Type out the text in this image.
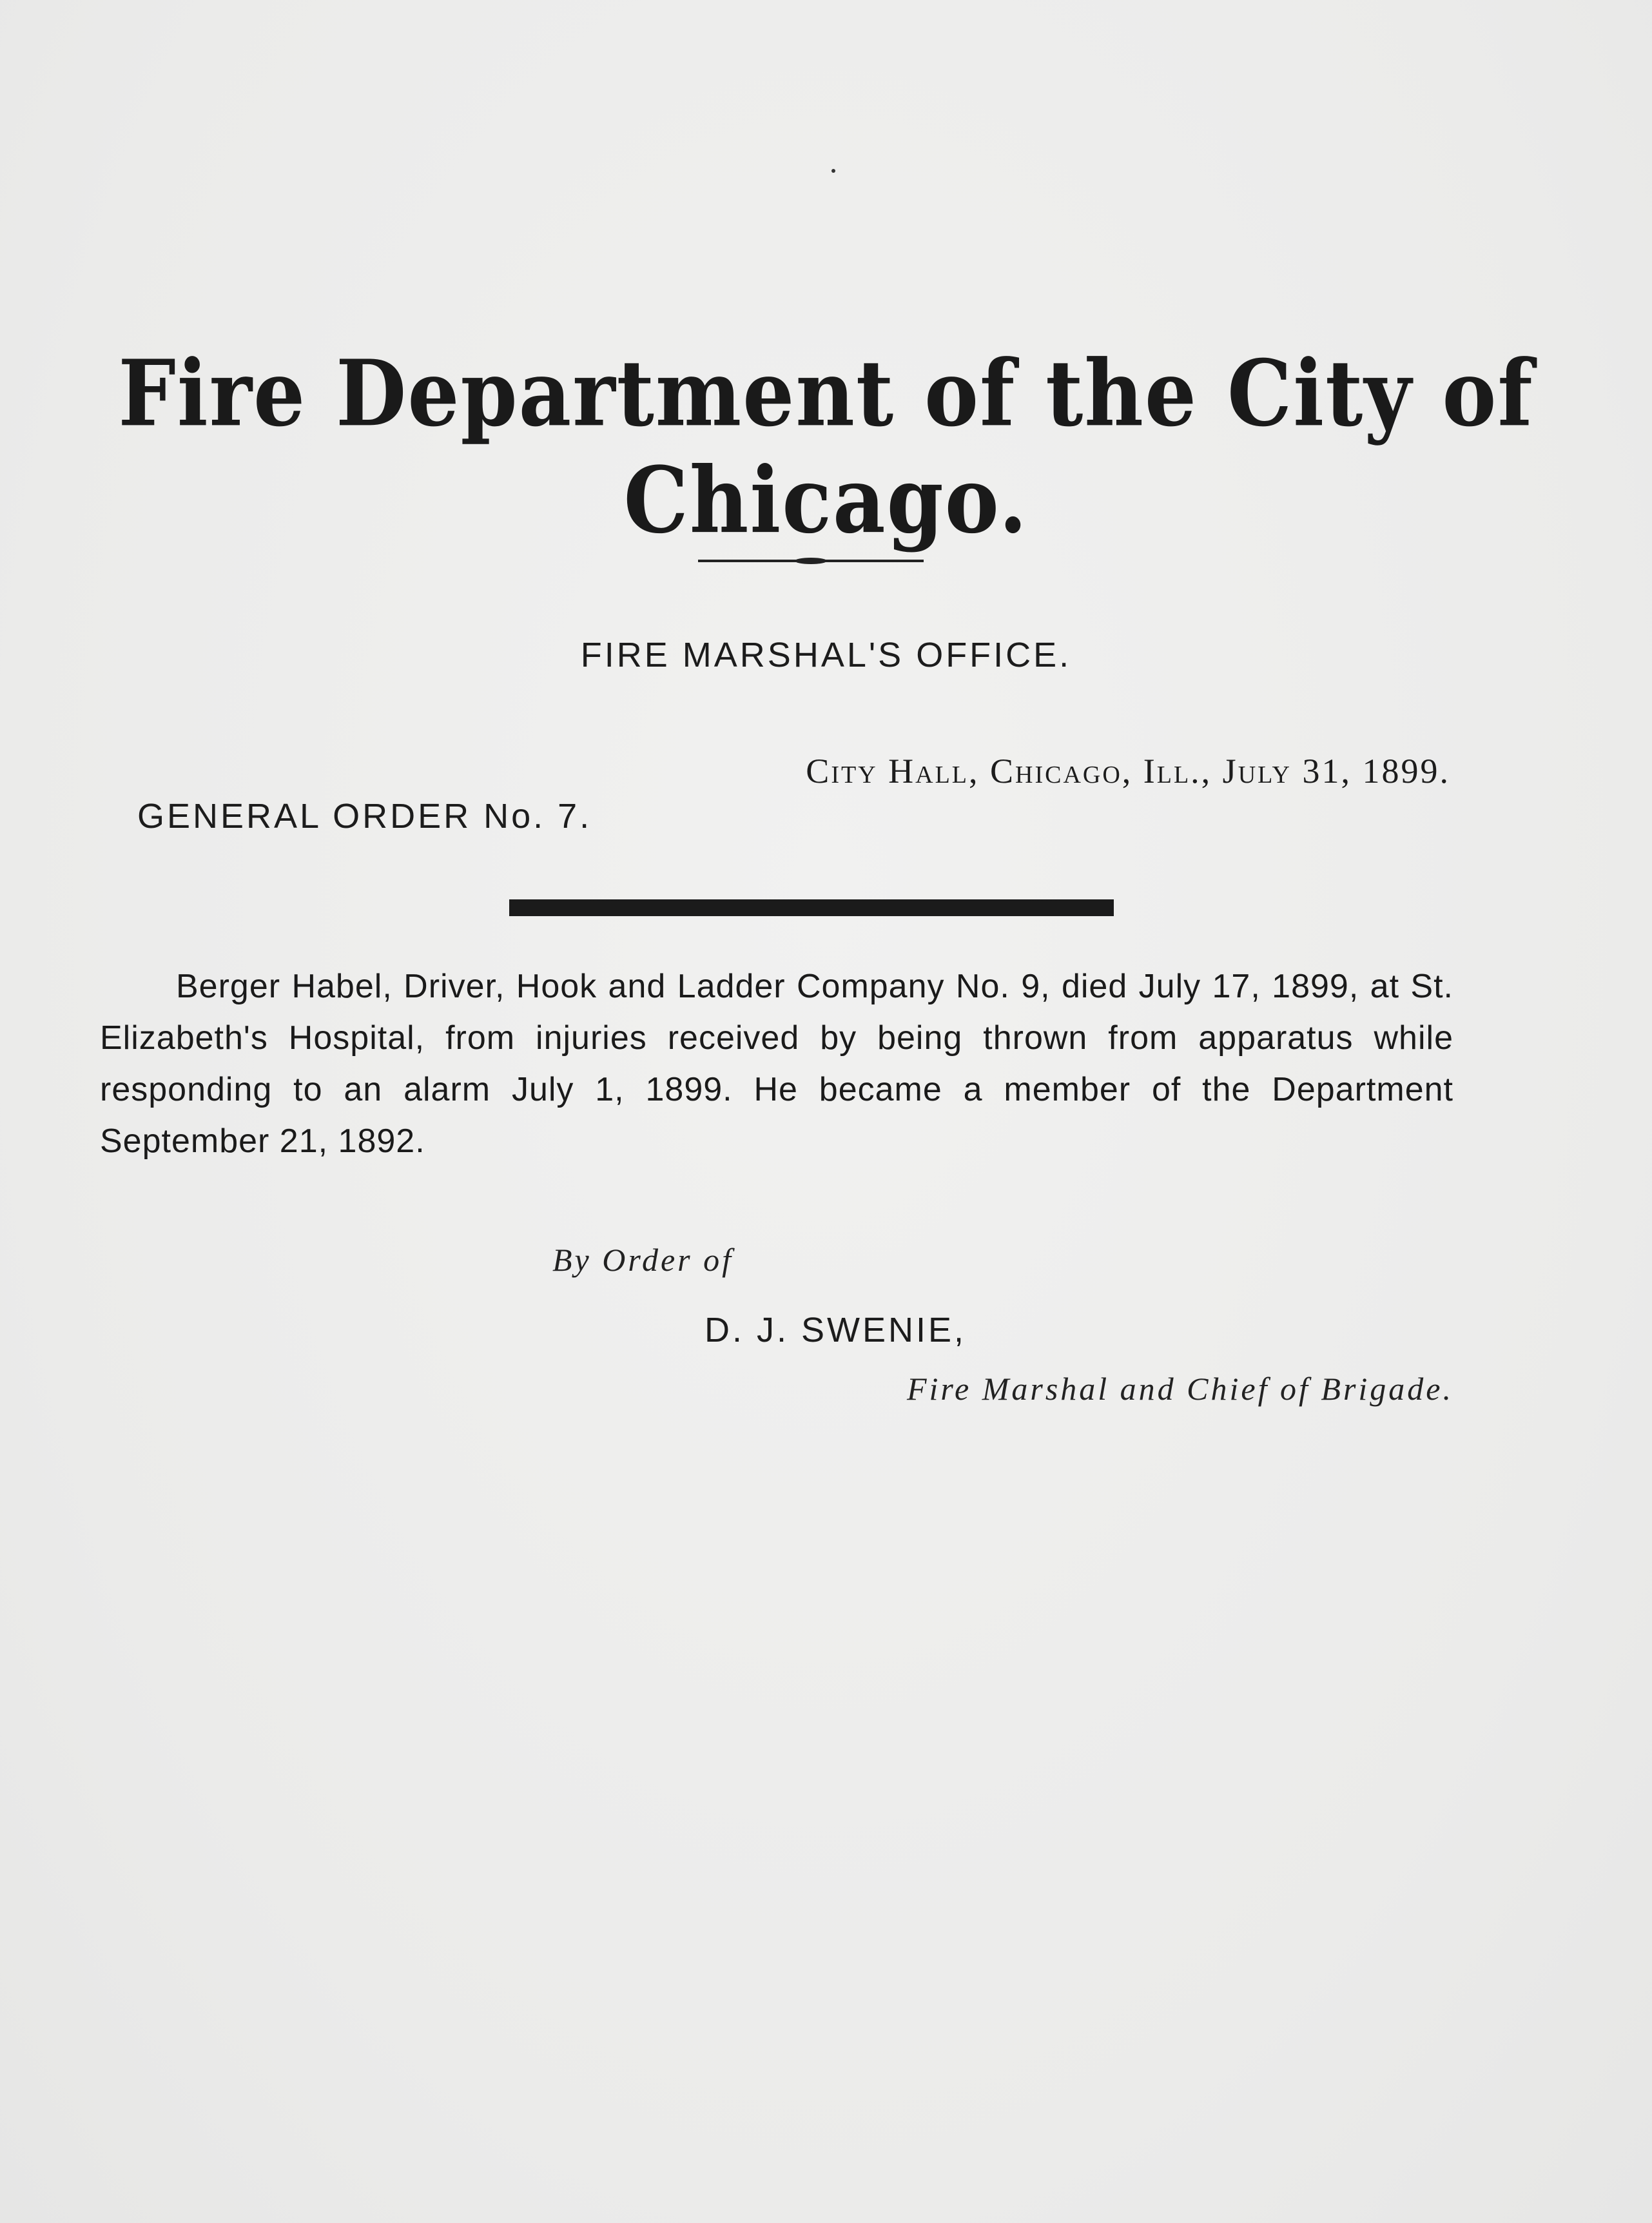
Fire Department of the City of Chicago.
FIRE MARSHAL'S OFFICE.
City Hall, Chicago, Ill., July 31, 1899.
GENERAL ORDER No. 7.

Berger Habel, Driver, Hook and Ladder Company No. 9, died July 17, 1899, at St. Elizabeth's Hospital, from injuries received by being thrown from apparatus while responding to an alarm July 1, 1899. He became a member of the Department September 21, 1892.

By Order of
D. J. SWENIE,
Fire Marshal and Chief of Brigade.
